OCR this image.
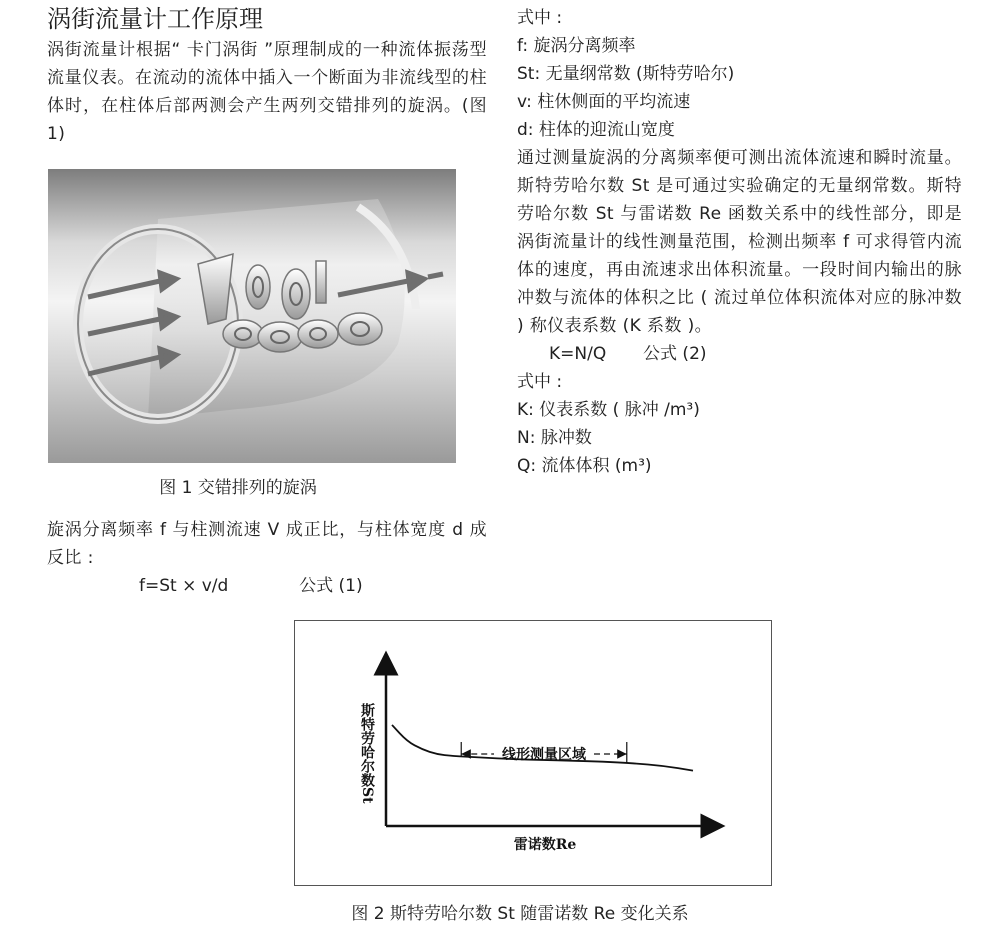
涡街流量计工作原理

涡街流量计根据“ 卡门涡街 ”原理制成的一种流体振荡型流量仪表。在流动的流体中插入一个断面为非流线型的柱体时，在柱体后部两测会产生两列交错排列的旋涡。(图 1)

图 1 交错排列的旋涡

旋涡分离频率 f 与柱测流速 V 成正比，与柱体宽度 d 成反比 :

f=St × v/d	公式 (1)

式中 :

f: 旋涡分离频率

St: 无量纲常数 (斯特劳哈尔)

v: 柱休侧面的平均流速

d: 柱体的迎流山宽度

通过测量旋涡的分离频率便可测出流体流速和瞬时流量。斯特劳哈尔数 St 是可通过实验确定的无量纲常数。斯特劳哈尔数 St 与雷诺数 Re 函数关系中的线性部分，即是涡街流量计的线性测量范围，检测出频率 f 可求得管内流体的速度，再由流速求出体积流量。一段时间内输出的脉冲数与流体的体积之比 ( 流过单位体积流体对应的脉冲数 ) 称仪表系数 (K 系数 )。

K=N/Q 公式 (2)

式中 :

K: 仪表系数 ( 脉冲 /m³)

N: 脉冲数

Q: 流体体积 (m³)

线形测量区域
雷诺数Re
斯特劳哈尔数St

图 2 斯特劳哈尔数 St 随雷诺数 Re 变化关系
